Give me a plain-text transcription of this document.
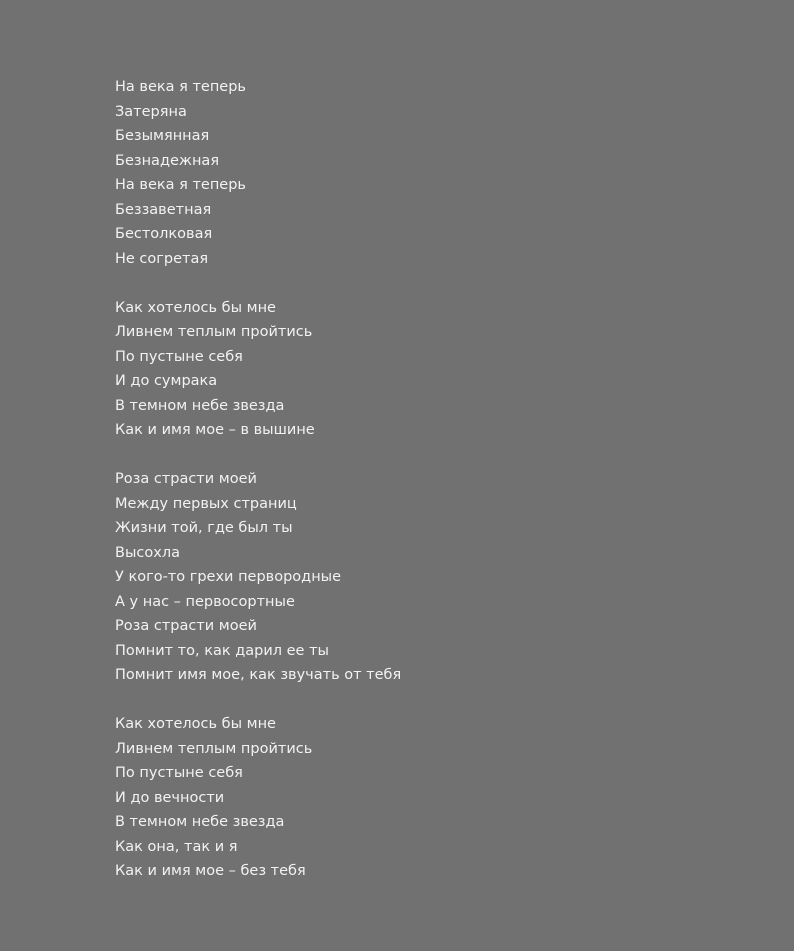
На века я теперь
Затеряна
Безымянная
Безнадежная
На века я теперь
Беззаветная
Бестолковая
Не согретая
Как хотелось бы мне
Ливнем теплым пройтись
По пустыне себя
И до сумрака
В темном небе звезда
Как и имя мое – в вышине
Роза страсти моей
Между первых страниц
Жизни той, где был ты
Высохла
У кого-то грехи первородные
А у нас – первосортные
Роза страсти моей
Помнит то, как дарил ее ты
Помнит имя мое, как звучать от тебя
Как хотелось бы мне
Ливнем теплым пройтись
По пустыне себя
И до вечности
В темном небе звезда
Как она, так и я
Как и имя мое – без тебя
